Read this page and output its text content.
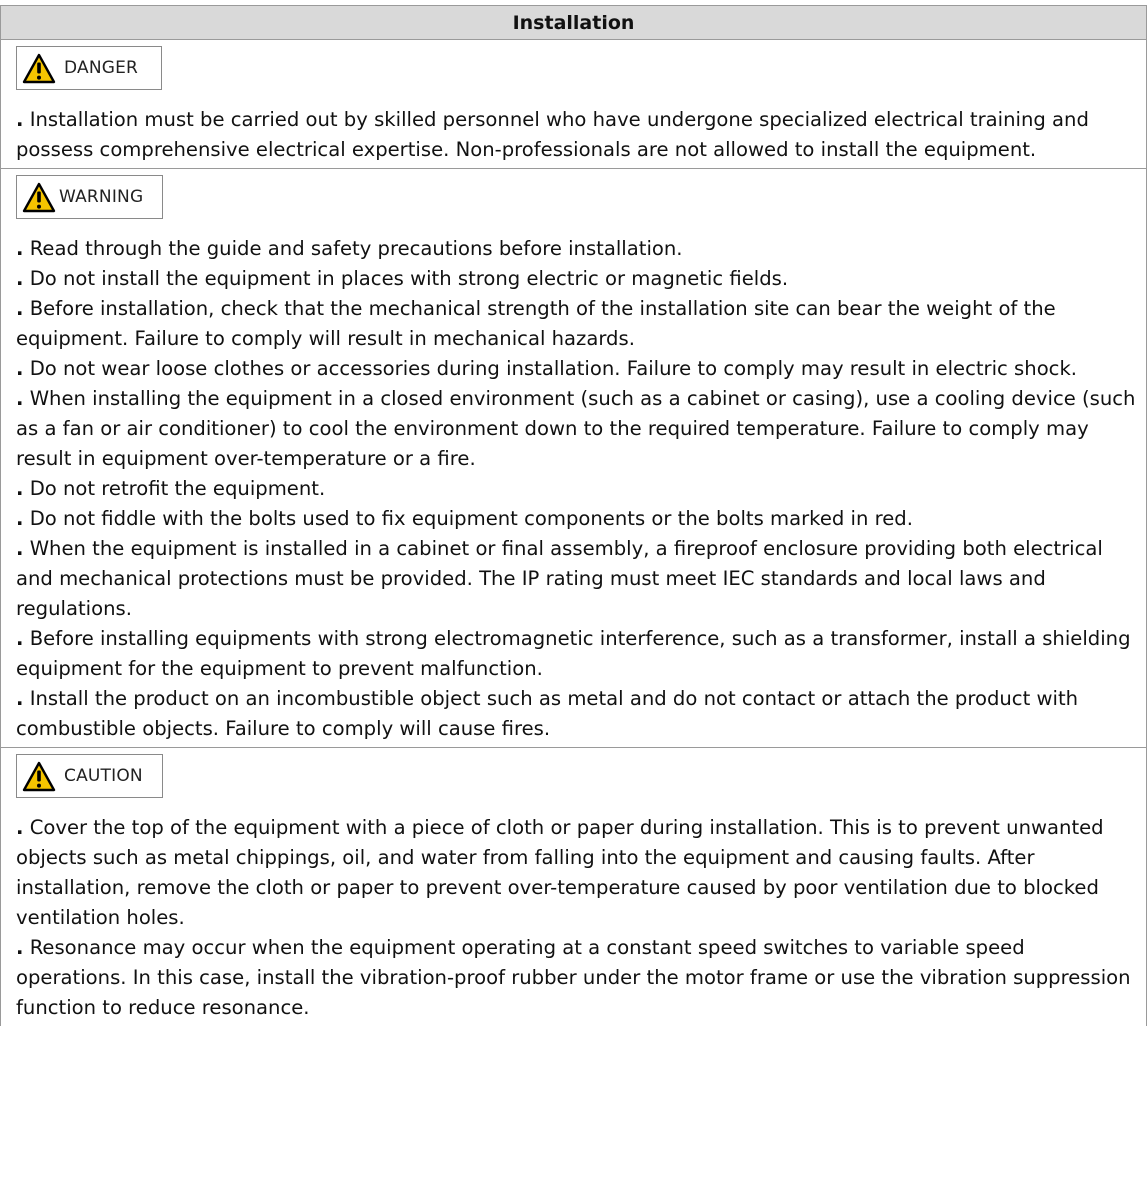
Installation
DANGER

. Installation must be carried out by skilled personnel who have undergone specialized electrical training and possess comprehensive electrical expertise. Non-professionals are not allowed to install the equipment.

WARNING

. Read through the guide and safety precautions before installation.

. Do not install the equipment in places with strong electric or magnetic fields.

. Before installation, check that the mechanical strength of the installation site can bear the weight of the equipment. Failure to comply will result in mechanical hazards.

. Do not wear loose clothes or accessories during installation. Failure to comply may result in electric shock.

. When installing the equipment in a closed environment (such as a cabinet or casing), use a cooling device (such as a fan or air conditioner) to cool the environment down to the required temperature. Failure to comply may result in equipment over-temperature or a fire.

. Do not retrofit the equipment.

. Do not fiddle with the bolts used to fix equipment components or the bolts marked in red.

. When the equipment is installed in a cabinet or final assembly, a fireproof enclosure providing both electrical and mechanical protections must be provided. The IP rating must meet IEC standards and local laws and regulations.

. Before installing equipments with strong electromagnetic interference, such as a transformer, install a shielding equipment for the equipment to prevent malfunction.

. Install the product on an incombustible object such as metal and do not contact or attach the product with combustible objects. Failure to comply will cause fires.

CAUTION

. Cover the top of the equipment with a piece of cloth or paper during installation. This is to prevent unwanted objects such as metal chippings, oil, and water from falling into the equipment and causing faults. After installation, remove the cloth or paper to prevent over-temperature caused by poor ventilation due to blocked ventilation holes.

. Resonance may occur when the equipment operating at a constant speed switches to variable speed operations. In this case, install the vibration-proof rubber under the motor frame or use the vibration suppression function to reduce resonance.
